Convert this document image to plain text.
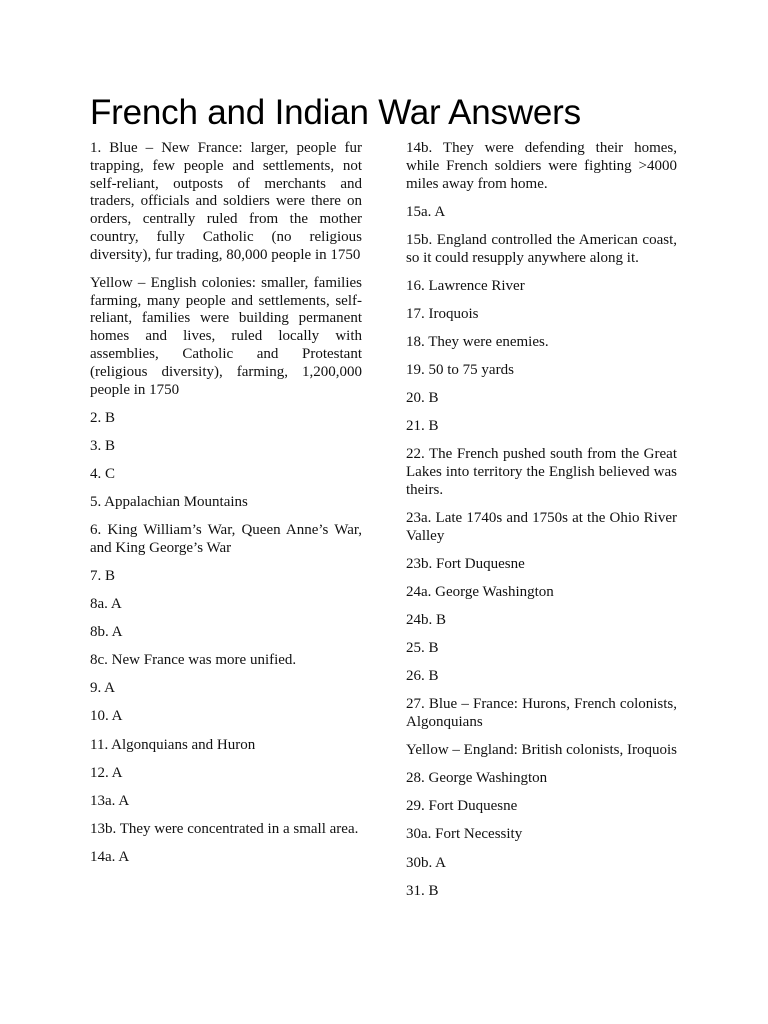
French and Indian War Answers

1. Blue – New France: larger, people fur trapping, few people and settlements, not self-reliant, outposts of merchants and traders, officials and soldiers were there on orders, centrally ruled from the mother country, fully Catholic (no religious diversity), fur trading, 80,000 people in 1750

Yellow – English colonies: smaller, families farming, many people and settlements, self-reliant, families were building permanent homes and lives, ruled locally with assemblies, Catholic and Protestant (religious diversity), farming, 1,200,000 people in 1750

2. B

3. B

4. C

5. Appalachian Mountains

6. King William’s War, Queen Anne’s War, and King George’s War

7. B

8a. A

8b. A

8c. New France was more unified.

9. A

10. A

11. Algonquians and Huron

12. A

13a. A

13b. They were concentrated in a small area.

14a. A

14b. They were defending their homes, while French soldiers were fighting >4000 miles away from home.

15a. A

15b. England controlled the American coast, so it could resupply anywhere along it.

16. Lawrence River

17. Iroquois

18. They were enemies.

19. 50 to 75 yards

20. B

21. B

22. The French pushed south from the Great Lakes into territory the English believed was theirs.

23a. Late 1740s and 1750s at the Ohio River Valley

23b. Fort Duquesne

24a. George Washington

24b. B

25. B

26. B

27. Blue – France: Hurons, French colonists, Algonquians

Yellow – England: British colonists, Iroquois

28. George Washington

29. Fort Duquesne

30a. Fort Necessity

30b. A

31. B
